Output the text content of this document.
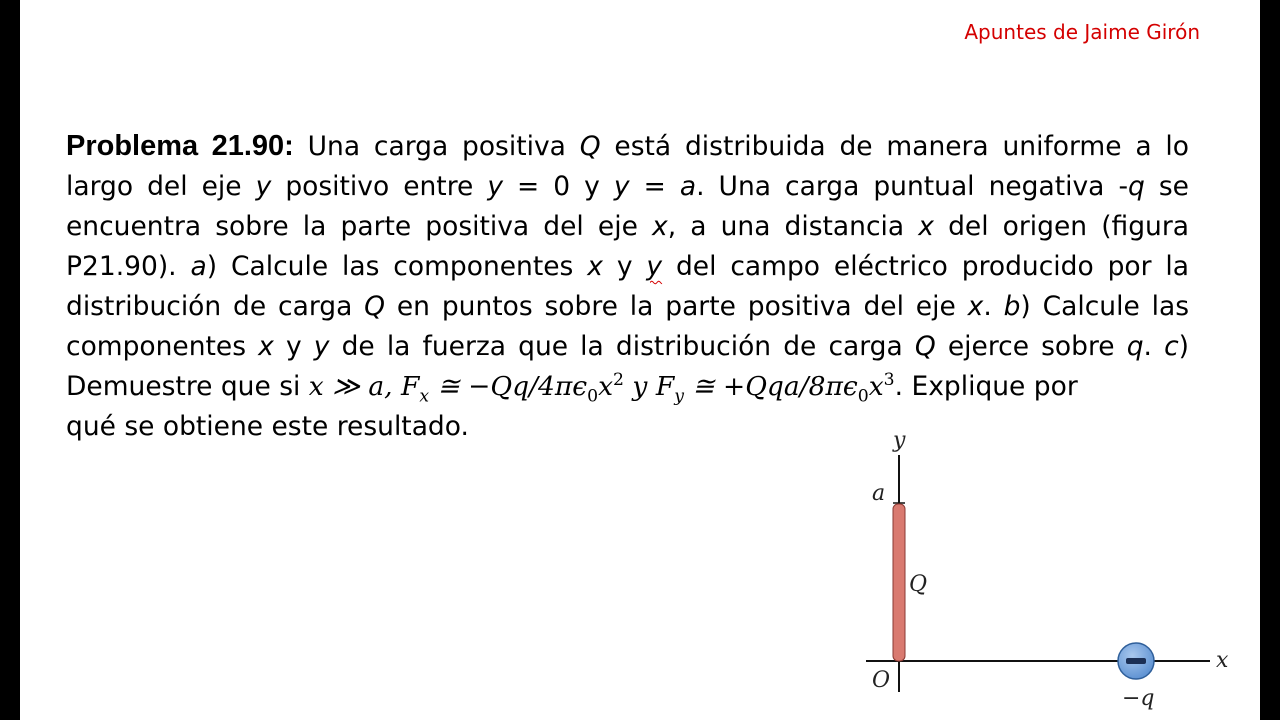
Apuntes de Jaime Girón
Problema 21.90: Una carga positiva Q está distribuida de manera uniforme a lo largo del eje y positivo entre y = 0 y y = a. Una carga puntual negativa -q se encuentra sobre la parte positiva del eje x, a una distancia x del origen (figura P21.90). a) Calcule las componentes x y y del campo eléctrico producido por la distribución de carga Q en puntos sobre la parte positiva del eje x. b) Calcule las componentes x y y de la fuerza que la distribución de carga Q ejerce sobre q. c) Demuestre que si x ≫ a, $F_x$ ≅ $-Qq/4\pi\epsilon_0x^2$ y $F_y$ ≅ $+Qqa/8\pi\epsilon_0x^3$. Explique por
qué se obtiene este resultado.	y
a
Q
O
x
−q
